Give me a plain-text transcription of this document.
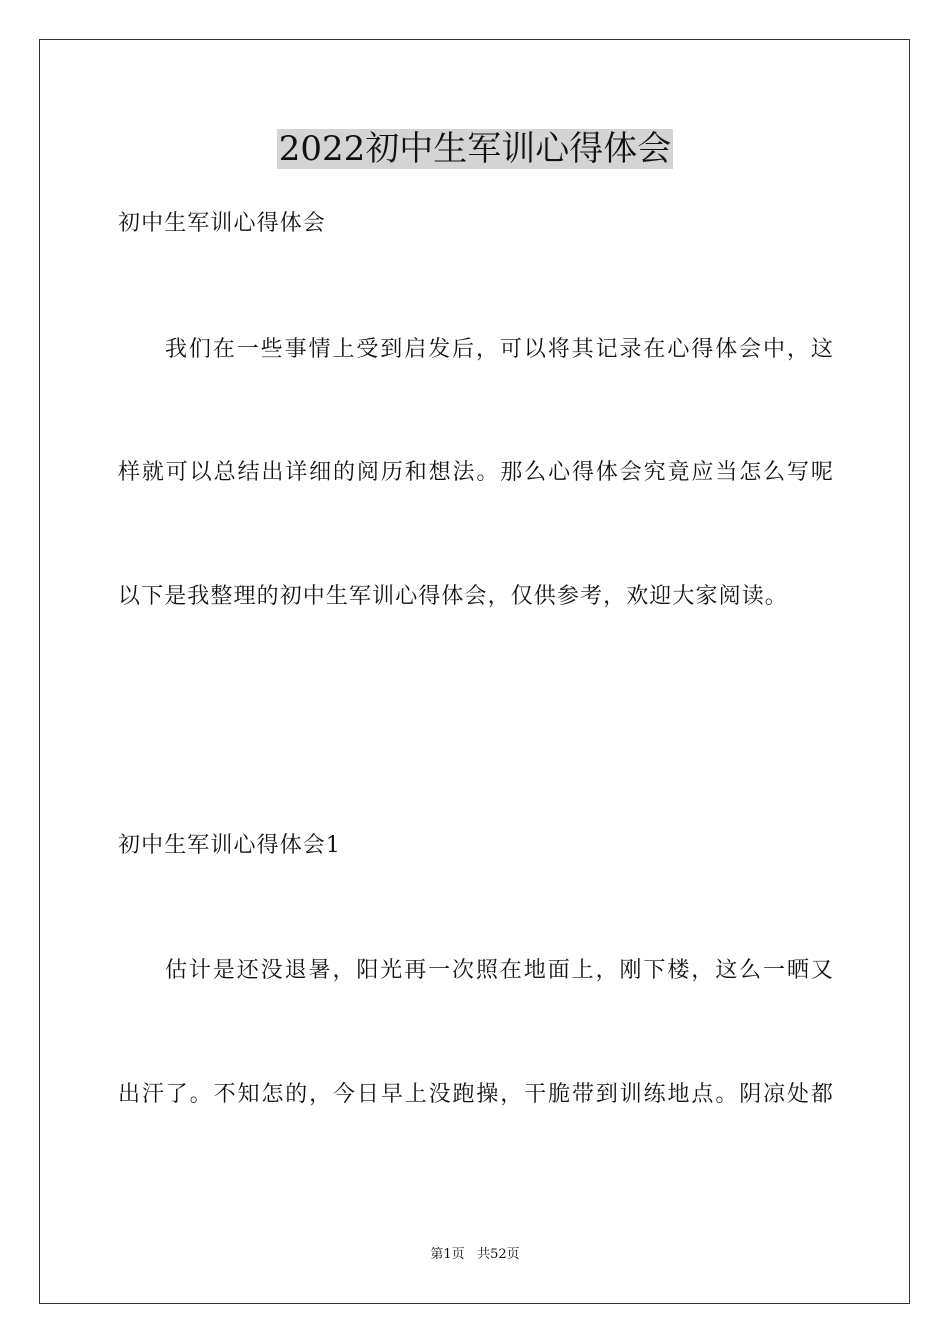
2022初中生军训心得体会

初中生军训心得体会

我们在一些事情上受到启发后，可以将其记录在心得体会中，这

样就可以总结出详细的阅历和想法。那么心得体会究竟应当怎么写呢

以下是我整理的初中生军训心得体会，仅供参考，欢迎大家阅读。

初中生军训心得体会1

估计是还没退暑，阳光再一次照在地面上，刚下楼，这么一晒又

出汗了。不知怎的，今日早上没跑操，干脆带到训练地点。阴凉处都

第1页 共52页
